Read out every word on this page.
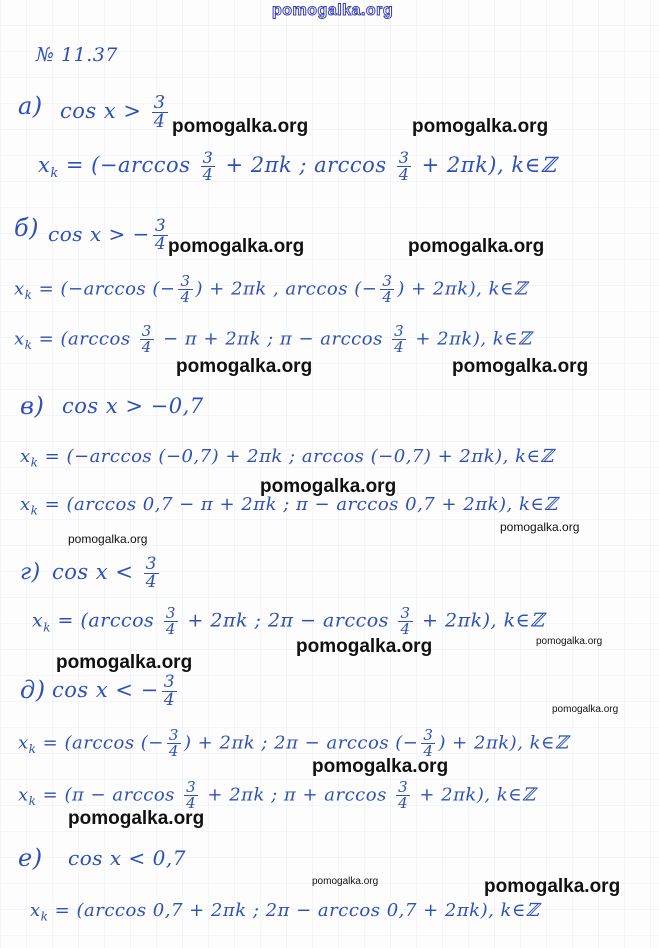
pomogalka.org
№ 11.37
а) $\cos x > \frac{3}{4}$
$x_k = (-\arccos \frac{3}{4} + 2\pi k$ ; $\arccos \frac{3}{4} + 2\pi k$), k∈ℤ
б) cos x > − $\frac{3}{4}$
$x_k = (-\arccos$ (− $\frac{3}{4}$ ) + 2πk , arccos (− $\frac{3}{4}$ ) + 2πk), k∈ℤ
$x_k = (\arccos \frac{3}{4} - \pi + 2\pi k$ ; $\pi - \arccos \frac{3}{4} + 2\pi k$), k∈ℤ
в) cos x > −0,7
$x_k = (-\arccos$ (−0,7) + 2πk ; arccos (−0,7) + 2πk), k∈ℤ
$x_k = (\arccos$ 0,7 − π + 2πk ; π − arccos 0,7 + 2πk), k∈ℤ
г) $\cos x < \frac{3}{4}$
$x_k = (\arccos \frac{3}{4} + 2\pi k$ ; $2\pi - \arccos \frac{3}{4} + 2\pi k$), k∈ℤ
д) cos x < − $\frac{3}{4}$
$x_k = (\arccos$ (− $\frac{3}{4}$ ) + 2πk ; 2π − arccos (− $\frac{3}{4}$ ) + 2πk), k∈ℤ
$x_k = (\pi - \arccos \frac{3}{4} + 2\pi k$ ; $\pi + \arccos \frac{3}{4} + 2\pi k$), k∈ℤ
е) cos x < 0,7
$x_k = (\arccos$ 0,7 + 2πk ; 2π − arccos 0,7 + 2πk), k∈ℤ
pomogalka.org	pomogalka.org
pomogalka.org	pomogalka.org
pomogalka.org	pomogalka.org
pomogalka.org
pomogalka.org
pomogalka.org
pomogalka.org	pomogalka.org
pomogalka.org
pomogalka.org
pomogalka.org
pomogalka.org
pomogalka.org	pomogalka.org
